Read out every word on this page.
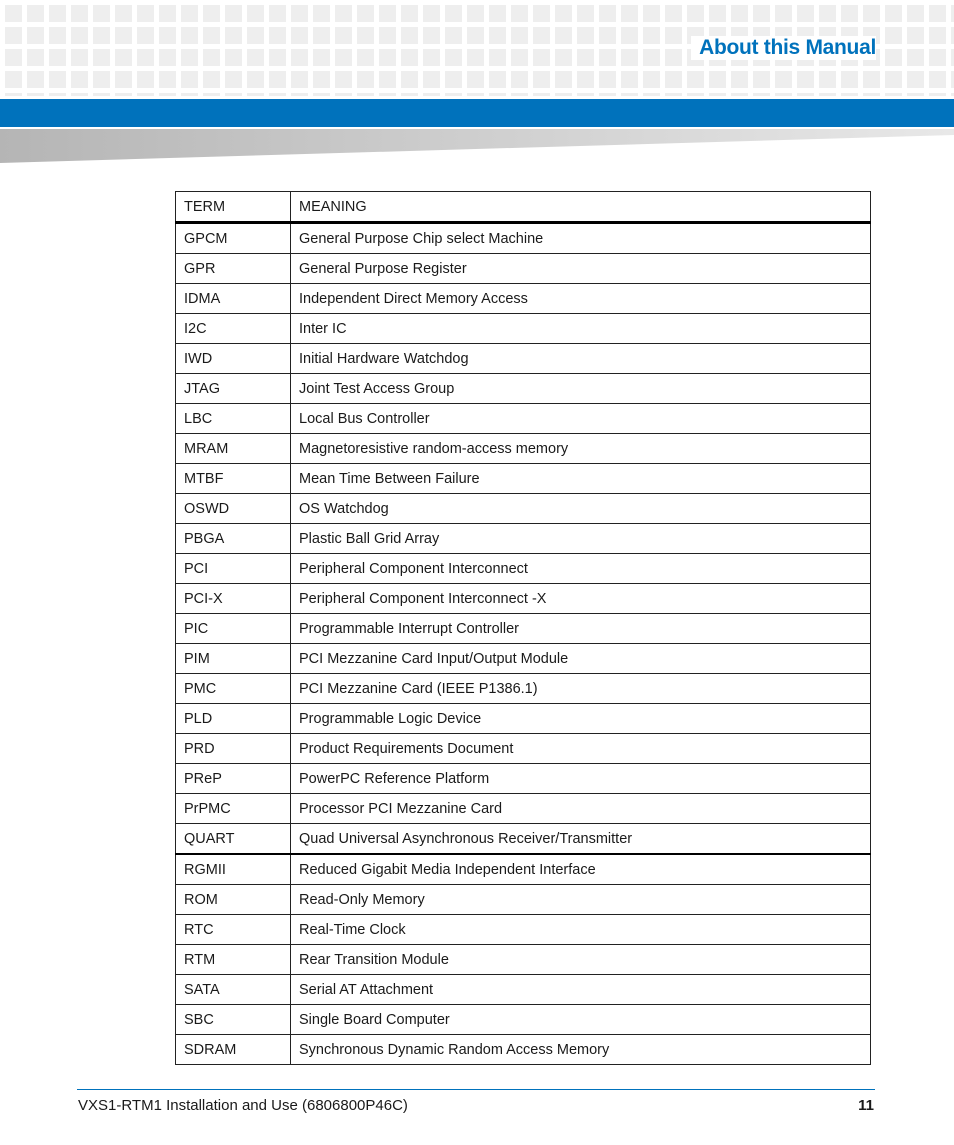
About this Manual
TERM	MEANING
GPCM	General Purpose Chip select Machine
GPR	General Purpose Register
IDMA	Independent Direct Memory Access
I2C	Inter IC
IWD	Initial Hardware Watchdog
JTAG	Joint Test Access Group
LBC	Local Bus Controller
MRAM	Magnetoresistive random-access memory
MTBF	Mean Time Between Failure
OSWD	OS Watchdog
PBGA	Plastic Ball Grid Array
PCI	Peripheral Component Interconnect
PCI-X	Peripheral Component Interconnect -X
PIC	Programmable Interrupt Controller
PIM	PCI Mezzanine Card Input/Output Module
PMC	PCI Mezzanine Card (IEEE P1386.1)
PLD	Programmable Logic Device
PRD	Product Requirements Document
PReP	PowerPC Reference Platform
PrPMC	Processor PCI Mezzanine Card
QUART	Quad Universal Asynchronous Receiver/Transmitter
RGMII	Reduced Gigabit Media Independent Interface
ROM	Read-Only Memory
RTC	Real-Time Clock
RTM	Rear Transition Module
SATA	Serial AT Attachment
SBC	Single Board Computer
SDRAM	Synchronous Dynamic Random Access Memory
VXS1-RTM1 Installation and Use (6806800P46C)	11
